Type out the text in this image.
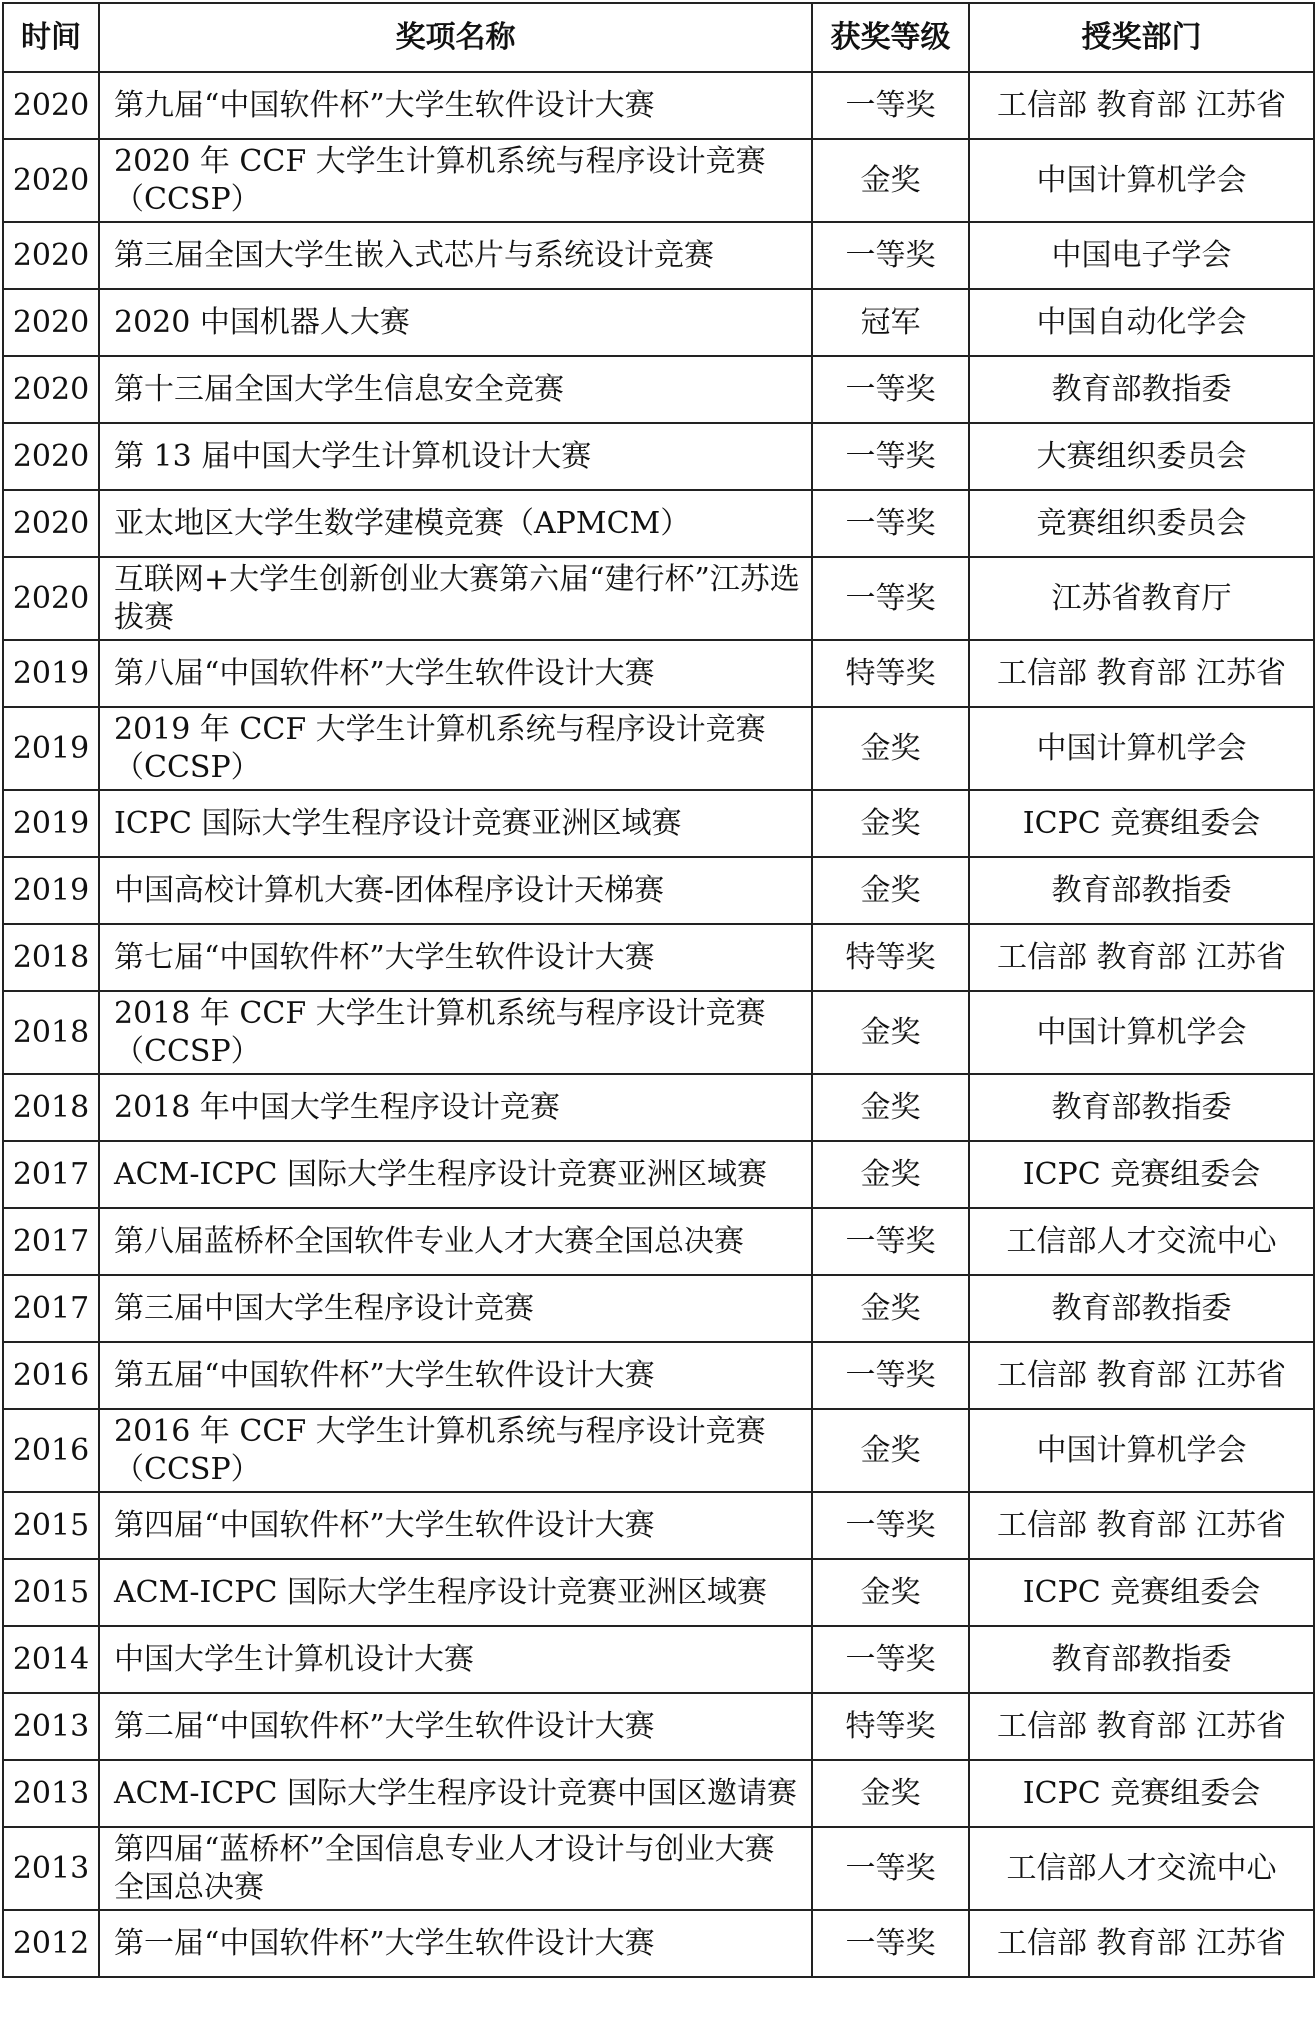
时间	奖项名称	获奖等级	授奖部门
2020	第九届“中国软件杯”大学生软件设计大赛	一等奖	工信部 教育部 江苏省
2020	2020 年 CCF 大学生计算机系统与程序设计竞赛（CCSP）	金奖	中国计算机学会
2020	第三届全国大学生嵌入式芯片与系统设计竞赛	一等奖	中国电子学会
2020	2020 中国机器人大赛	冠军	中国自动化学会
2020	第十三届全国大学生信息安全竞赛	一等奖	教育部教指委
2020	第 13 届中国大学生计算机设计大赛	一等奖	大赛组织委员会
2020	亚太地区大学生数学建模竞赛（APMCM）	一等奖	竞赛组织委员会
2020	互联网+大学生创新创业大赛第六届“建行杯”江苏选拔赛	一等奖	江苏省教育厅
2019	第八届“中国软件杯”大学生软件设计大赛	特等奖	工信部 教育部 江苏省
2019	2019 年 CCF 大学生计算机系统与程序设计竞赛（CCSP）	金奖	中国计算机学会
2019	ICPC 国际大学生程序设计竞赛亚洲区域赛	金奖	ICPC 竞赛组委会
2019	中国高校计算机大赛-团体程序设计天梯赛	金奖	教育部教指委
2018	第七届“中国软件杯”大学生软件设计大赛	特等奖	工信部 教育部 江苏省
2018	2018 年 CCF 大学生计算机系统与程序设计竞赛（CCSP）	金奖	中国计算机学会
2018	2018 年中国大学生程序设计竞赛	金奖	教育部教指委
2017	ACM-ICPC 国际大学生程序设计竞赛亚洲区域赛	金奖	ICPC 竞赛组委会
2017	第八届蓝桥杯全国软件专业人才大赛全国总决赛	一等奖	工信部人才交流中心
2017	第三届中国大学生程序设计竞赛	金奖	教育部教指委
2016	第五届“中国软件杯”大学生软件设计大赛	一等奖	工信部 教育部 江苏省
2016	2016 年 CCF 大学生计算机系统与程序设计竞赛（CCSP）	金奖	中国计算机学会
2015	第四届“中国软件杯”大学生软件设计大赛	一等奖	工信部 教育部 江苏省
2015	ACM-ICPC 国际大学生程序设计竞赛亚洲区域赛	金奖	ICPC 竞赛组委会
2014	中国大学生计算机设计大赛	一等奖	教育部教指委
2013	第二届“中国软件杯”大学生软件设计大赛	特等奖	工信部 教育部 江苏省
2013	ACM-ICPC 国际大学生程序设计竞赛中国区邀请赛	金奖	ICPC 竞赛组委会
2013	第四届“蓝桥杯”全国信息专业人才设计与创业大赛全国总决赛	一等奖	工信部人才交流中心
2012	第一届“中国软件杯”大学生软件设计大赛	一等奖	工信部 教育部 江苏省
